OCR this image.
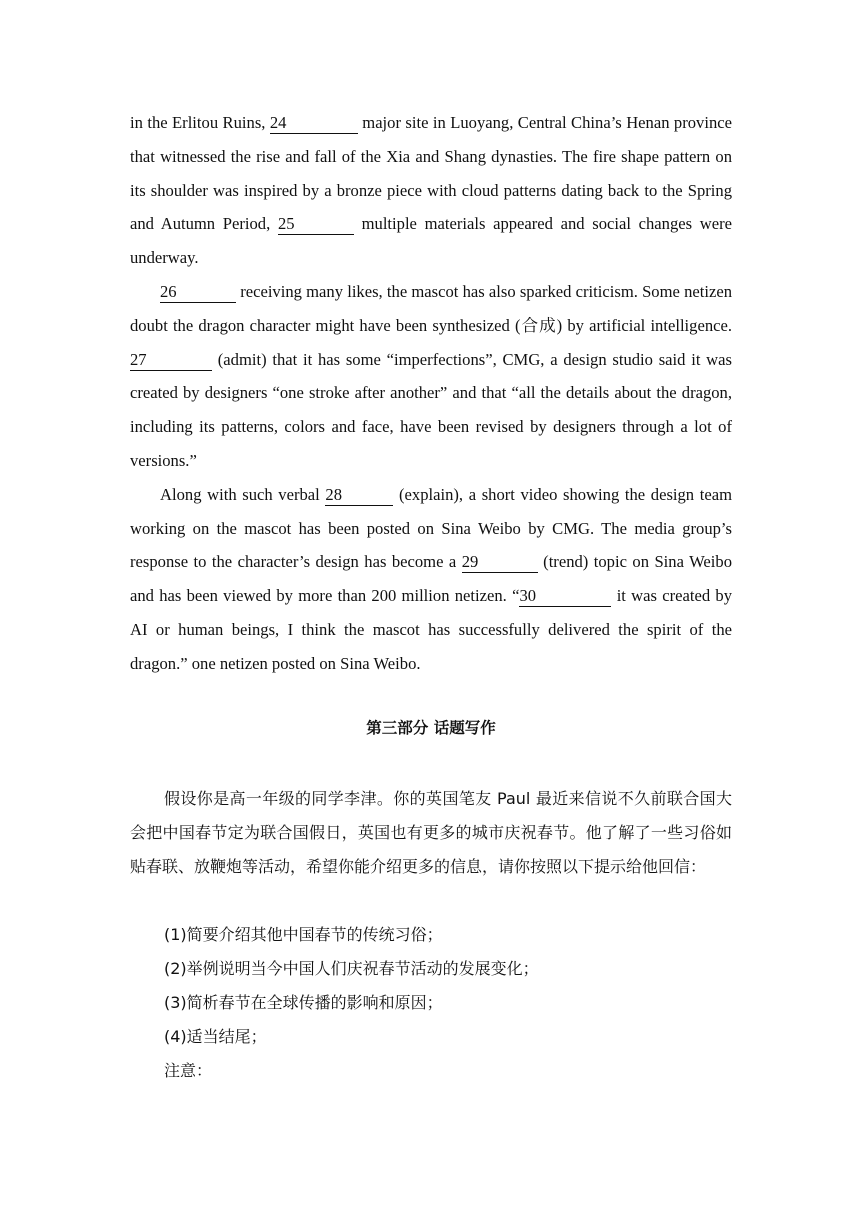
in the Erlitou Ruins, 24	major site in Luoyang, Central China’s Henan province that witnessed the rise and fall of the Xia and Shang dynasties. The fire shape pattern on its shoulder was inspired by a bronze piece with cloud patterns dating back to the Spring and Autumn Period, 25	multiple materials appeared and social changes were underway.

26	receiving many likes, the mascot has also sparked criticism. Some netizen doubt the dragon character might have been synthesized (合成) by artificial intelligence. 27	(admit) that it has some “imperfections”, CMG, a design studio said it was created by designers “one stroke after another” and that “all the details about the dragon, including its patterns, colors and face, have been revised by designers through a lot of versions.”

Along with such verbal 28	(explain), a short video showing the design team working on the mascot has been posted on Sina Weibo by CMG. The media group’s response to the character’s design has become a 29	(trend) topic on Sina Weibo and has been viewed by more than 200 million netizen. “30	it was created by AI or human beings, I think the mascot has successfully delivered the spirit of the dragon.” one netizen posted on Sina Weibo.

第三部分 话题写作
假设你是高一年级的同学李津。你的英国笔友 Paul 最近来信说不久前联合国大会把中国春节定为联合国假日，英国也有更多的城市庆祝春节。他了解了一些习俗如贴春联、放鞭炮等活动，希望你能介绍更多的信息，请你按照以下提示给他回信：
(1)简要介绍其他中国春节的传统习俗；
(2)举例说明当今中国人们庆祝春节活动的发展变化；
(3)简析春节在全球传播的影响和原因；
(4)适当结尾；
注意：
